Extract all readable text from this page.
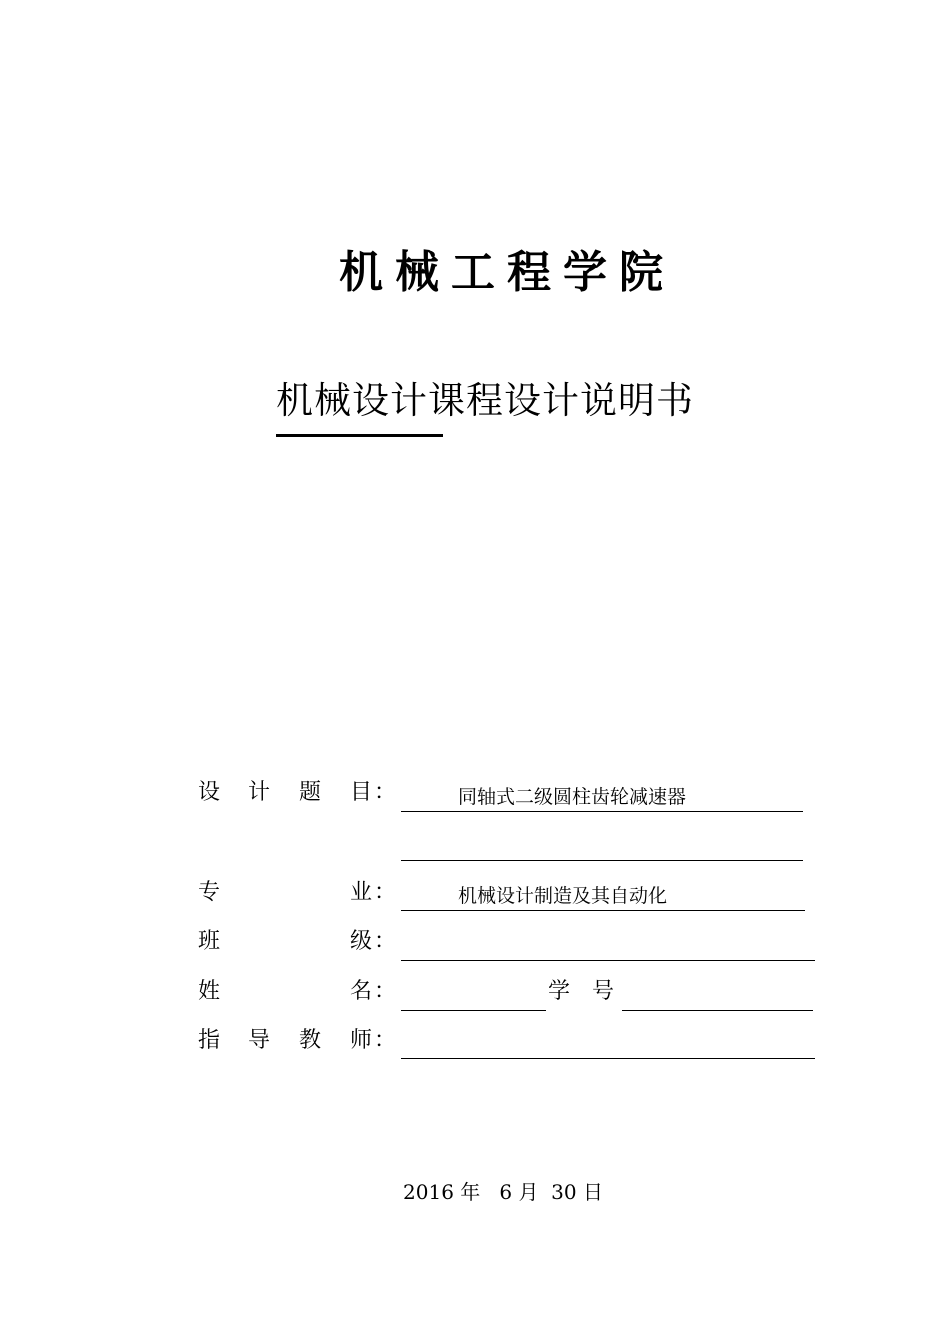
机械工程学院
机械设计课程设计说明书
设 计 题 目 ：	同轴式二级圆柱齿轮减速器
专	业 ：	机械设计制造及其自动化
班	级 ：
姓	名 ：	学　号
指 导 教 师 ：
2016 年   6 月  30 日
